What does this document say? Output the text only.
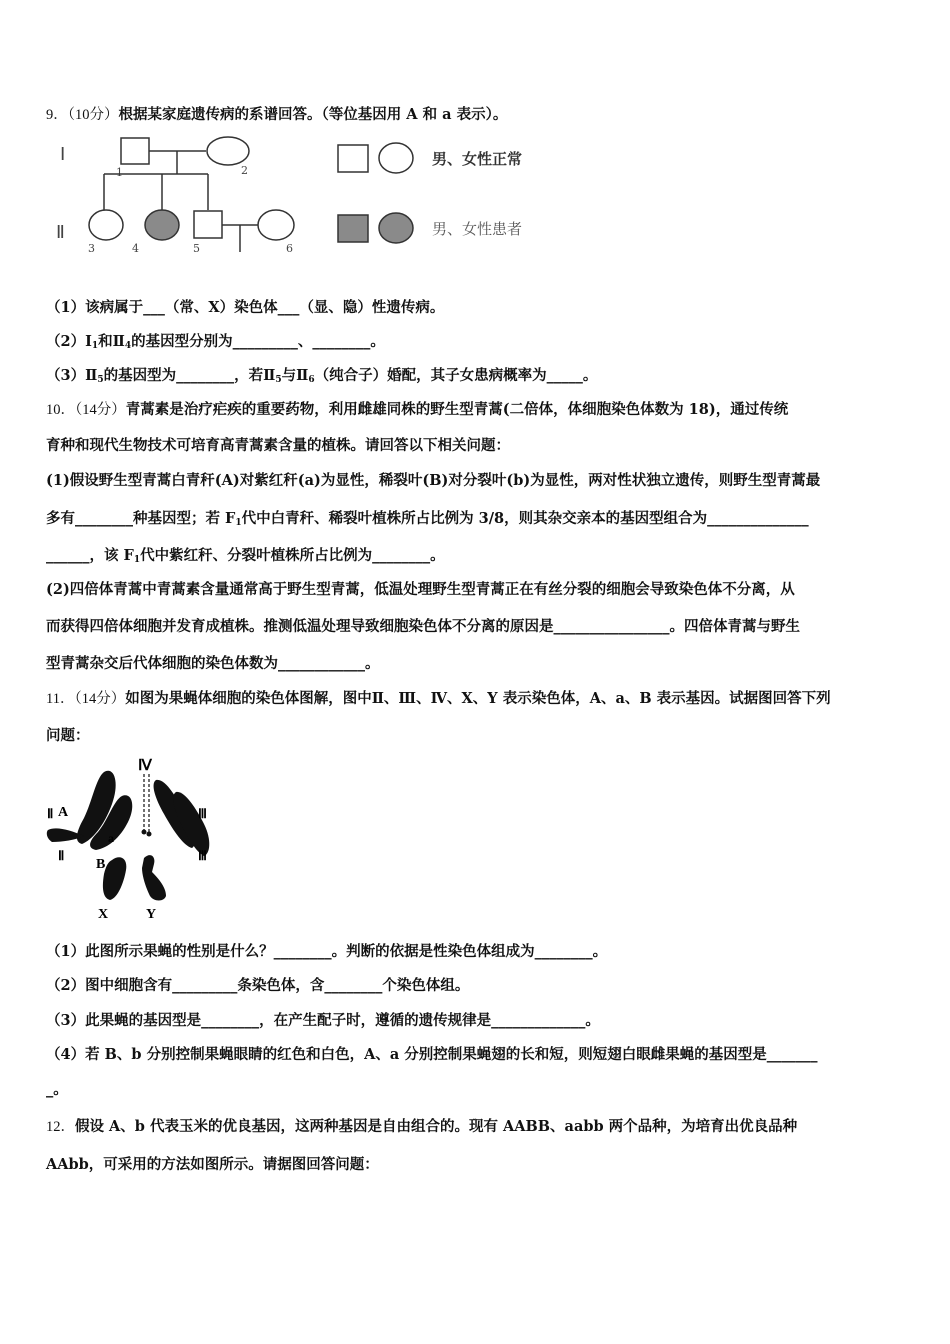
9．（10分）根据某家庭遗传病的系谱回答。（等位基因用 A 和 a 表示）。
Ⅰ
Ⅱ
1	2
3	4	5	6
男、女性正常
男、女性患者
（1）该病属于___（常、X）染色体___（显、隐）性遗传病。
$(2)Ⅰ_1$和$Ⅱ_4$的基因型分别为_________、________。
$(3)Ⅱ_5$的基因型为________，若$Ⅱ_5$与$Ⅱ_6$（纯合子）婚配，其子女患病概率为_____。
10．（14分）青蒿素是治疗疟疾的重要药物，利用雌雄同株的野生型青蒿(二倍体，体细胞染色体数为 18)，通过传统
育种和现代生物技术可培育高青蒿素含量的植株。请回答以下相关问题：
(1)假设野生型青蒿白青秆(A)对紫红秆(a)为显性，稀裂叶(B)对分裂叶(b)为显性，两对性状独立遗传，则野生型青蒿最
多有________种基因型；若 $F_1$代中白青秆、稀裂叶植株所占比例为 3/8，则其杂交亲本的基因型组合为______________
______，该 $F_1$代中紫红秆、分裂叶植株所占比例为________。
(2)四倍体青蒿中青蒿素含量通常高于野生型青蒿，低温处理野生型青蒿正在有丝分裂的细胞会导致染色体不分离，从
而获得四倍体细胞并发育成植株。推测低温处理导致细胞染色体不分离的原因是________________。四倍体青蒿与野生
型青蒿杂交后代体细胞的染色体数为____________。
11．（14分）如图为果蝇体细胞的染色体图解，图中Ⅱ、Ⅲ、Ⅳ、X、Y 表示染色体，A、a、B 表示基因。试据图回答下列
问题：
Ⅳ
A
Ⅱ
a
Ⅱ
Ⅲ
Ⅲ
B
X	Y
（1）此图所示果蝇的性别是什么？________。判断的依据是性染色体组成为________。
（2）图中细胞含有_________条染色体，含________个染色体组。
（3）此果蝇的基因型是________，在产生配子时，遵循的遗传规律是_____________。
（4）若 B、b 分别控制果蝇眼睛的红色和白色，A、a 分别控制果蝇翅的长和短，则短翅白眼雌果蝇的基因型是_______
_。
12．假设 A、b 代表玉米的优良基因，这两种基因是自由组合的。现有 AABB、aabb 两个品种，为培育出优良品种
AAbb，可采用的方法如图所示。请据图回答问题：
